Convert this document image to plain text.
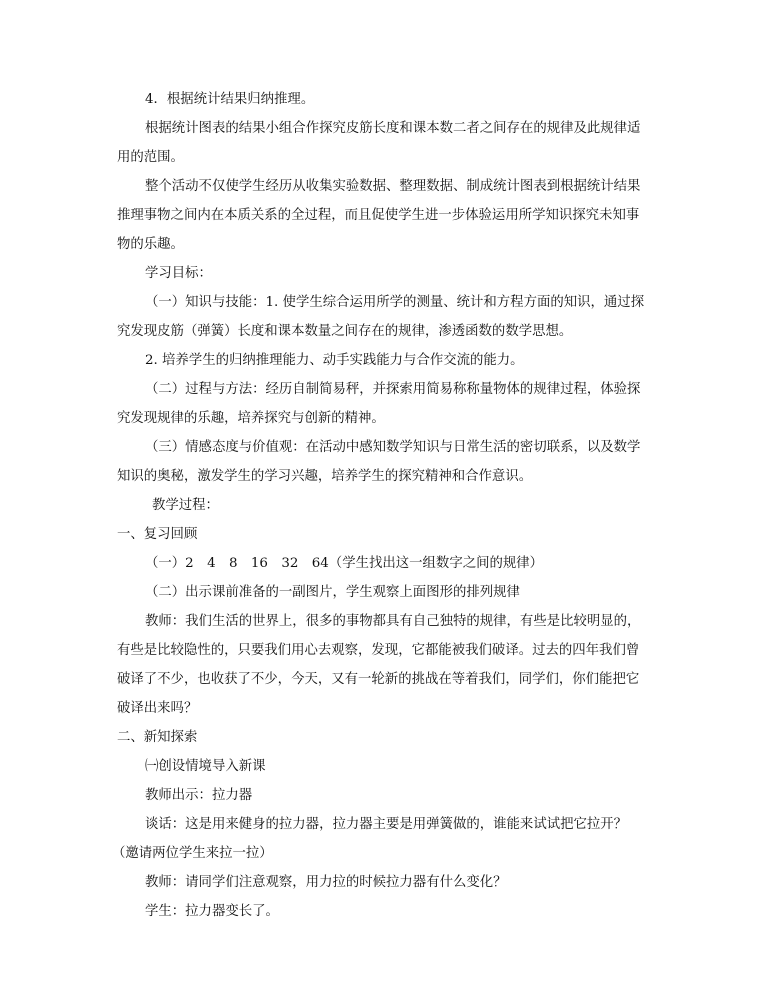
4．根据统计结果归纳推理。
根据统计图表的结果小组合作探究皮筋长度和课本数二者之间存在的规律及此规律适
用的范围。
整个活动不仅使学生经历从收集实验数据、整理数据、制成统计图表到根据统计结果
推理事物之间内在本质关系的全过程，而且促使学生进一步体验运用所学知识探究未知事
物的乐趣。
学习目标：
（一）知识与技能：1. 使学生综合运用所学的测量、统计和方程方面的知识，通过探
究发现皮筋（弹簧）长度和课本数量之间存在的规律，渗透函数的数学思想。
2. 培养学生的归纳推理能力、动手实践能力与合作交流的能力。
（二）过程与方法：经历自制简易秤，并探索用简易称称量物体的规律过程，体验探
究发现规律的乐趣，培养探究与创新的精神。
（三）情感态度与价值观：在活动中感知数学知识与日常生活的密切联系，以及数学
知识的奥秘，激发学生的学习兴趣，培养学生的探究精神和合作意识。
教学过程：
一、复习回顾
（一）2　4　8　16　32　64（学生找出这一组数字之间的规律）
（二）出示课前准备的一副图片，学生观察上面图形的排列规律
教师：我们生活的世界上，很多的事物都具有自己独特的规律，有些是比较明显的，
有些是比较隐性的，只要我们用心去观察，发现，它都能被我们破译。过去的四年我们曾
破译了不少，也收获了不少，今天，又有一轮新的挑战在等着我们，同学们，你们能把它
破译出来吗？
二、新知探索
㈠创设情境导入新课
教师出示：拉力器
谈话：这是用来健身的拉力器，拉力器主要是用弹簧做的，谁能来试试把它拉开？
（邀请两位学生来拉一拉）
教师：请同学们注意观察，用力拉的时候拉力器有什么变化？
学生：拉力器变长了。
